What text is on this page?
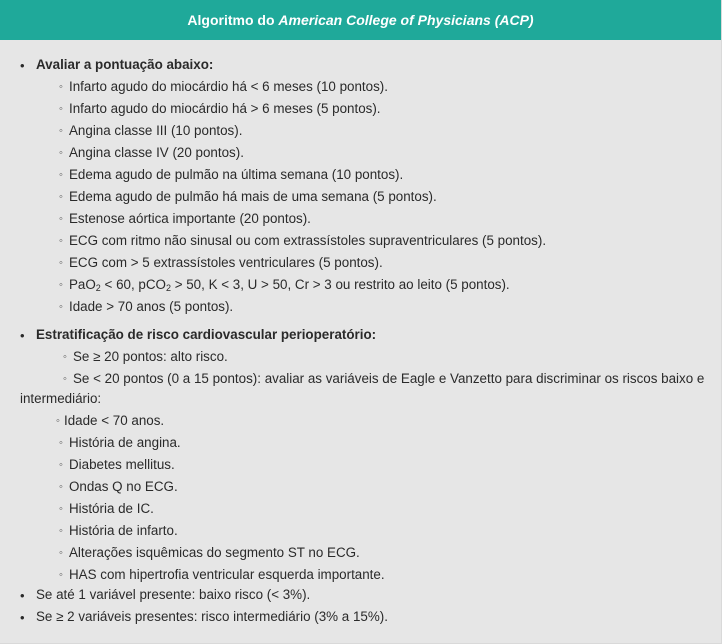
Algoritmo do
American College of Physicians (ACP)
• Avaliar a pontuação abaixo:
◦ Infarto agudo do miocárdio há < 6 meses (10 pontos).
◦ Infarto agudo do miocárdio há > 6 meses (5 pontos).
◦ Angina classe III (10 pontos).
◦ Angina classe IV (20 pontos).
◦ Edema agudo de pulmão na última semana (10 pontos).
◦ Edema agudo de pulmão há mais de uma semana (5 pontos).
◦ Estenose aórtica importante (20 pontos).
◦ ECG com ritmo não sinusal ou com extrassístoles supraventriculares (5 pontos).
◦ ECG com > 5 extrassístoles ventriculares (5 pontos).
◦ PaO$_2$ < 60, pCO$_2$ > 50, K < 3, U > 50, Cr > 3 ou restrito ao leito (5 pontos).
◦ Idade > 70 anos (5 pontos).
• Estratificação de risco cardiovascular perioperatório:
◦ Se ≥ 20 pontos: alto risco.
◦ Se < 20 pontos (0 a 15 pontos): avaliar as variáveis de Eagle e Vanzetto para discriminar os riscos baixo e
intermediário:
◦ Idade < 70 anos.
◦ História de angina.
◦ Diabetes mellitus.
◦ Ondas Q no ECG.
◦ História de IC.
◦ História de infarto.
◦ Alterações isquêmicas do segmento ST no ECG.
◦ HAS com hipertrofia ventricular esquerda importante.
• Se até 1 variável presente: baixo risco (< 3%).
• Se ≥ 2 variáveis presentes: risco intermediário (3% a 15%).
